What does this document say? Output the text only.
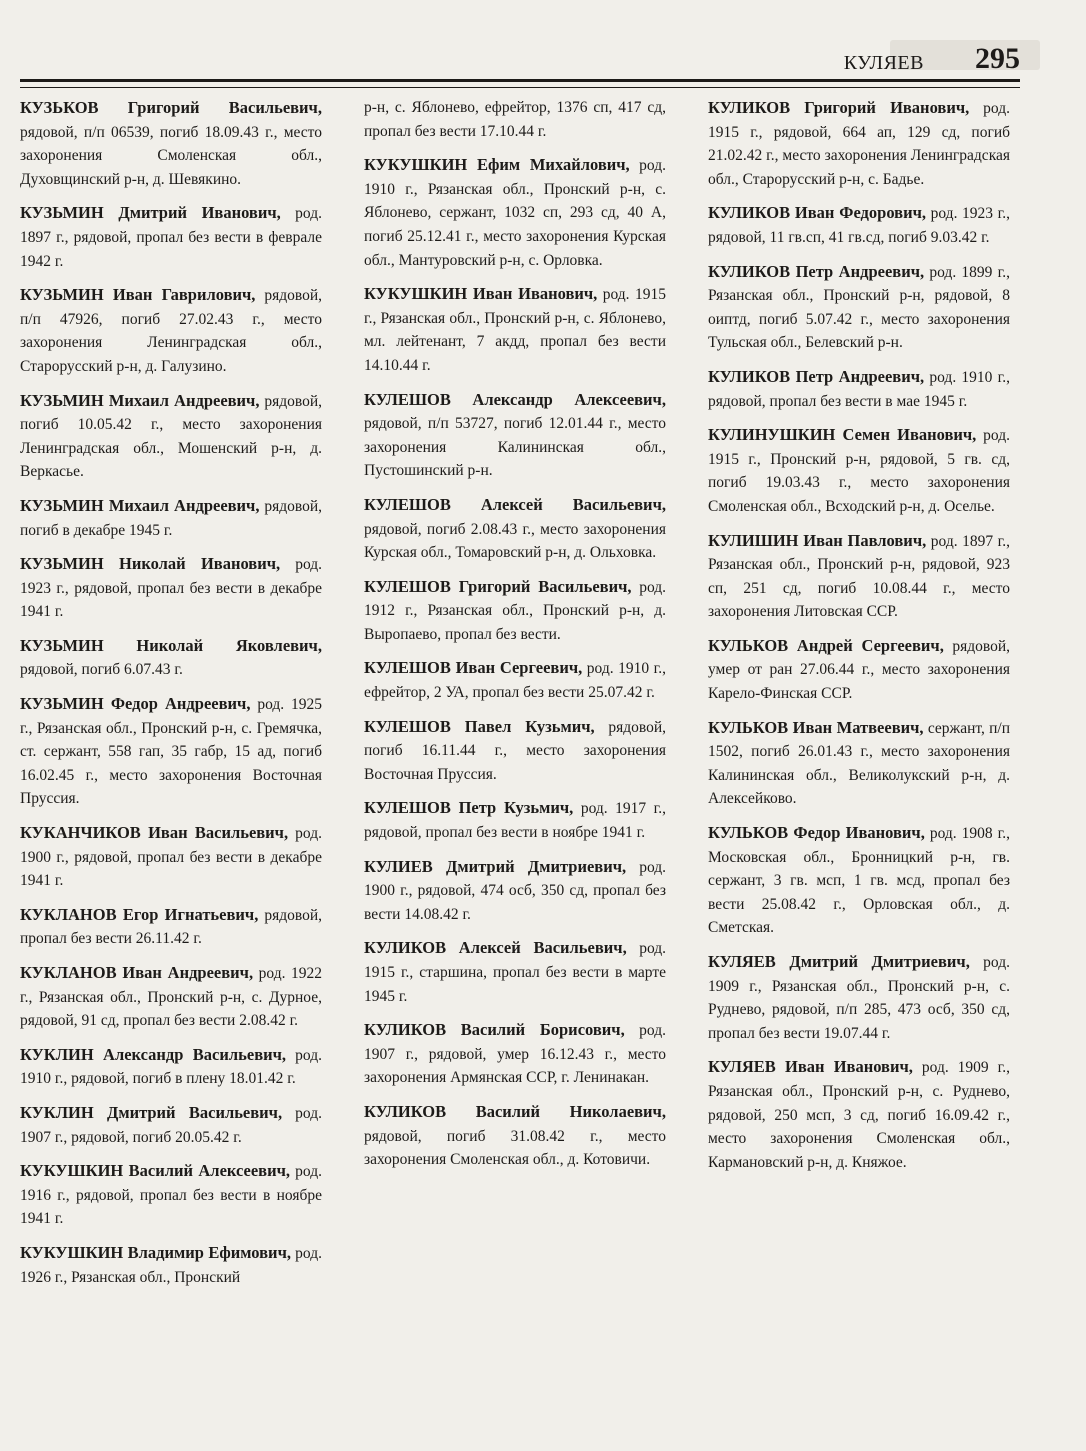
КУЛЯЕВ 295

КУЗЬКОВ Григорий Васильевич, рядовой, п/п 06539, погиб 18.09.43 г., место захоронения Смоленская обл., Духовщинский р-н, д. Шевякино.

КУЗЬМИН Дмитрий Иванович, род. 1897 г., рядовой, пропал без вести в феврале 1942 г.

КУЗЬМИН Иван Гаврилович, рядовой, п/п 47926, погиб 27.02.43 г., место захоронения Ленинградская обл., Старорусский р-н, д. Галузино.

КУЗЬМИН Михаил Андреевич, рядовой, погиб 10.05.42 г., место захоронения Ленинградская обл., Мошенский р-н, д. Веркасье.

КУЗЬМИН Михаил Андреевич, рядовой, погиб в декабре 1945 г.

КУЗЬМИН Николай Иванович, род. 1923 г., рядовой, пропал без вести в декабре 1941 г.

КУЗЬМИН Николай Яковлевич, рядовой, погиб 6.07.43 г.

КУЗЬМИН Федор Андреевич, род. 1925 г., Рязанская обл., Пронский р-н, с. Гремячка, ст. сержант, 558 гап, 35 габр, 15 ад, погиб 16.02.45 г., место захоронения Восточная Пруссия.

КУКАНЧИКОВ Иван Васильевич, род. 1900 г., рядовой, пропал без вести в декабре 1941 г.

КУКЛАНОВ Егор Игнатьевич, рядовой, пропал без вести 26.11.42 г.

КУКЛАНОВ Иван Андреевич, род. 1922 г., Рязанская обл., Пронский р-н, с. Дурное, рядовой, 91 сд, пропал без вести 2.08.42 г.

КУКЛИН Александр Васильевич, род. 1910 г., рядовой, погиб в плену 18.01.42 г.

КУКЛИН Дмитрий Васильевич, род. 1907 г., рядовой, погиб 20.05.42 г.

КУКУШКИН Василий Алексеевич, род. 1916 г., рядовой, пропал без вести в ноябре 1941 г.

КУКУШКИН Владимир Ефимович, род. 1926 г., Рязанская обл., Пронский

р-н, с. Яблонево, ефрейтор, 1376 сп, 417 сд, пропал без вести 17.10.44 г.

КУКУШКИН Ефим Михайлович, род. 1910 г., Рязанская обл., Пронский р-н, с. Яблонево, сержант, 1032 сп, 293 сд, 40 А, погиб 25.12.41 г., место захоронения Курская обл., Мантуровский р-н, с. Орловка.

КУКУШКИН Иван Иванович, род. 1915 г., Рязанская обл., Пронский р-н, с. Яблонево, мл. лейтенант, 7 акдд, пропал без вести 14.10.44 г.

КУЛЕШОВ Александр Алексеевич, рядовой, п/п 53727, погиб 12.01.44 г., место захоронения Калининская обл., Пустошинский р-н.

КУЛЕШОВ Алексей Васильевич, рядовой, погиб 2.08.43 г., место захоронения Курская обл., Томаровский р-н, д. Ольховка.

КУЛЕШОВ Григорий Васильевич, род. 1912 г., Рязанская обл., Пронский р-н, д. Выропаево, пропал без вести.

КУЛЕШОВ Иван Сергеевич, род. 1910 г., ефрейтор, 2 УА, пропал без вести 25.07.42 г.

КУЛЕШОВ Павел Кузьмич, рядовой, погиб 16.11.44 г., место захоронения Восточная Пруссия.

КУЛЕШОВ Петр Кузьмич, род. 1917 г., рядовой, пропал без вести в ноябре 1941 г.

КУЛИЕВ Дмитрий Дмитриевич, род. 1900 г., рядовой, 474 осб, 350 сд, пропал без вести 14.08.42 г.

КУЛИКОВ Алексей Васильевич, род. 1915 г., старшина, пропал без вести в марте 1945 г.

КУЛИКОВ Василий Борисович, род. 1907 г., рядовой, умер 16.12.43 г., место захоронения Армянская ССР, г. Ленинакан.

КУЛИКОВ Василий Николаевич, рядовой, погиб 31.08.42 г., место захоронения Смоленская обл., д. Котовичи.

КУЛИКОВ Григорий Иванович, род. 1915 г., рядовой, 664 ап, 129 сд, погиб 21.02.42 г., место захоронения Ленинградская обл., Старорусский р-н, с. Бадье.

КУЛИКОВ Иван Федорович, род. 1923 г., рядовой, 11 гв.сп, 41 гв.сд, погиб 9.03.42 г.

КУЛИКОВ Петр Андреевич, род. 1899 г., Рязанская обл., Пронский р-н, рядовой, 8 оиптд, погиб 5.07.42 г., место захоронения Тульская обл., Белевский р-н.

КУЛИКОВ Петр Андреевич, род. 1910 г., рядовой, пропал без вести в мае 1945 г.

КУЛИНУШКИН Семен Иванович, род. 1915 г., Пронский р-н, рядовой, 5 гв. сд, погиб 19.03.43 г., место захоронения Смоленская обл., Всходский р-н, д. Оселье.

КУЛИШИН Иван Павлович, род. 1897 г., Рязанская обл., Пронский р-н, рядовой, 923 сп, 251 сд, погиб 10.08.44 г., место захоронения Литовская ССР.

КУЛЬКОВ Андрей Сергеевич, рядовой, умер от ран 27.06.44 г., место захоронения Карело-Финская ССР.

КУЛЬКОВ Иван Матвеевич, сержант, п/п 1502, погиб 26.01.43 г., место захоронения Калининская обл., Великолукский р-н, д. Алексейково.

КУЛЬКОВ Федор Иванович, род. 1908 г., Московская обл., Бронницкий р-н, гв. сержант, 3 гв. мсп, 1 гв. мсд, пропал без вести 25.08.42 г., Орловская обл., д. Сметская.

КУЛЯЕВ Дмитрий Дмитриевич, род. 1909 г., Рязанская обл., Пронский р-н, с. Руднево, рядовой, п/п 285, 473 осб, 350 сд, пропал без вести 19.07.44 г.

КУЛЯЕВ Иван Иванович, род. 1909 г., Рязанская обл., Пронский р-н, с. Руднево, рядовой, 250 мсп, 3 сд, погиб 16.09.42 г., место захоронения Смоленская обл., Кармановский р-н, д. Княжое.
